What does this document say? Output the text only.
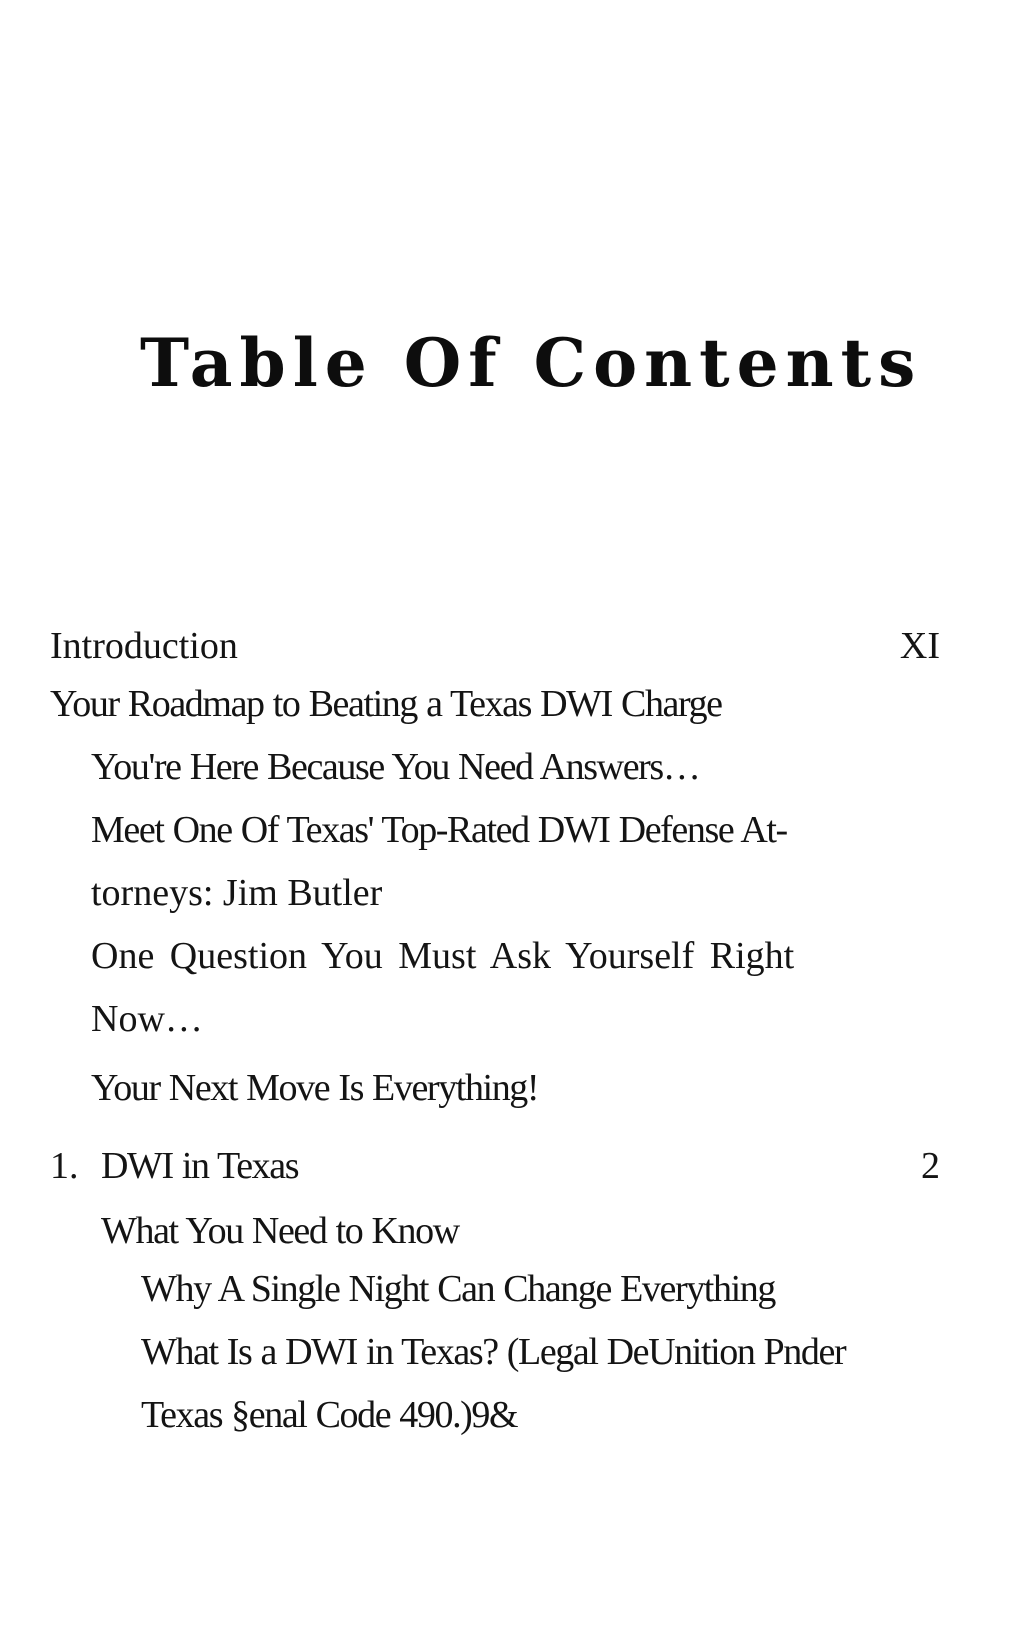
Table Of Contents
Introduction	XI
Your Roadmap to Beating a Texas DWI Charge
You're Here Because You Need Answers…
Meet One Of Texas' Top-Rated DWI Defense At-
torneys: Jim Butler
One Question You Must Ask Yourself Right
Now…
Your Next Move Is Everything!
1. DWI in Texas	2
What You Need to Know
Why A Single Night Can Change Everything
What Is a DWI in Texas? (Legal DeUnition Pnder
Texas §enal Code 490.)9&
